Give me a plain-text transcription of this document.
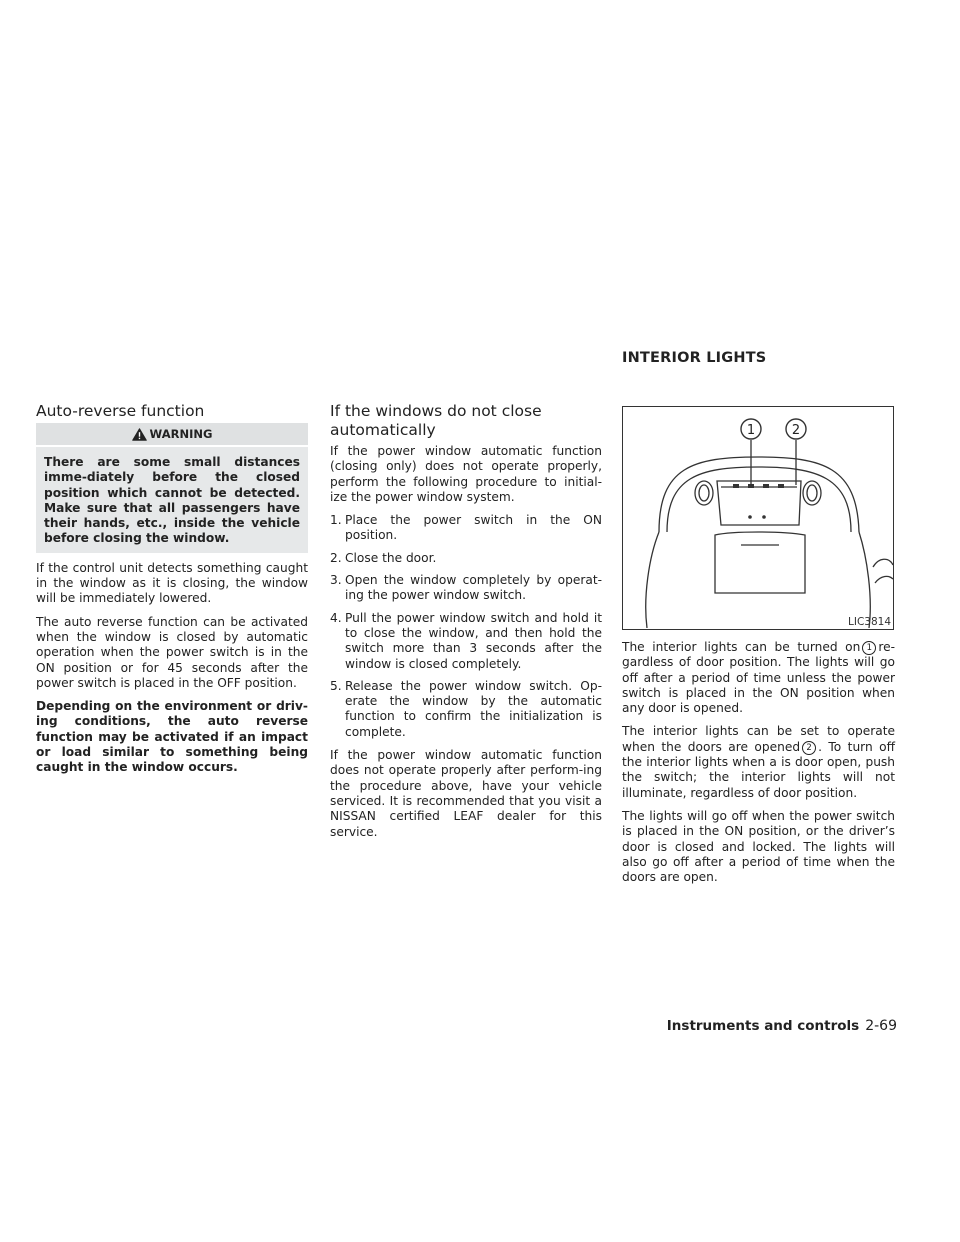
INTERIOR LIGHTS
Auto-reverse function
WARNING
There are some small distances imme-diately before the closed position which cannot be detected. Make sure that all passengers have their hands, etc., inside the vehicle before closing the window.

If the control unit detects something caught in the window as it is closing, the window will be immediately lowered.

The auto reverse function can be activated when the window is closed by automatic operation when the power switch is in the ON position or for 45 seconds after the power switch is placed in the OFF position.

Depending on the environment or driv-ing conditions, the auto reverse function may be activated if an impact or load similar to something being caught in the window occurs.

If the windows do not close
automatically

If the power window automatic function (closing only) does not operate properly, perform the following procedure to initial-ize the power window system.

1. Place the power switch in the ON position.
2. Close the door.
3. Open the window completely by operat-ing the power window switch.
4. Pull the power window switch and hold it to close the window, and then hold the switch more than 3 seconds after the window is closed completely.
5. Release the power window switch. Op-erate the window by the automatic function to confirm the initialization is complete.

If the power window automatic function does not operate properly after perform-ing the procedure above, have your vehicle serviced. It is recommended that you visit a NISSAN certified LEAF dealer for this service.

1	2
LIC3814

The interior lights can be turned on 1 re-gardless of door position. The lights will go off after a period of time unless the power switch is placed in the ON position when any door is opened.

The interior lights can be set to operate when the doors are opened 2 . To turn off the interior lights when a is door open, push the switch; the interior lights will not illuminate, regardless of door position.

The lights will go off when the power switch is placed in the ON position, or the driver’s door is closed and locked. The lights will also go off after a period of time when the doors are open.

Instruments and controls 2-69
